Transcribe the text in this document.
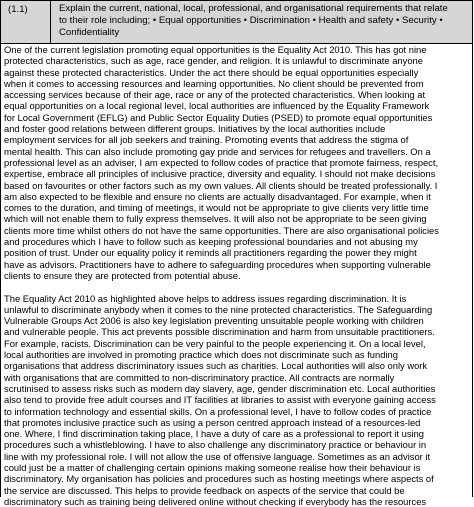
(1.1)	Explain the current, national, local, professional, and organisational requirements that relate
to their role including; • Equal opportunities • Discrimination • Health and safety • Security •
Confidentiality
One of the current legislation promoting equal opportunities is the Equality Act 2010. This has got nine
protected characteristics, such as age, race gender, and religion. It is unlawful to discriminate anyone
against these protected characteristics. Under the act there should be equal opportunities especially
when it comes to accessing resources and learning opportunities. No client should be prevented from
accessing services because of their age, race or any of the protected characteristics. When looking at
equal opportunities on a local regional level, local authorities are influenced by the Equality Framework
for Local Government (EFLG) and Public Sector Equality Duties (PSED) to promote equal opportunities
and foster good relations between different groups. Initiatives by the local authorities include
employment services for all job seekers and training. Promoting events that address the stigma of
mental health. This can also include promoting gay pride and services for refugees and travellers. On a
professional level as an adviser, I am expected to follow codes of practice that promote fairness, respect,
expertise, embrace all principles of inclusive practice, diversity and equality. I should not make decisions
based on favourites or other factors such as my own values. All clients should be treated professionally. I
am also expected to be flexible and ensure no clients are actually disadvantaged. For example, when it
comes to the duration, and timing of meetings, it would not be appropriate to give clients very little time
which will not enable them to fully express themselves. It will also not be appropriate to be seen giving
clients more time whilst others do not have the same opportunities. There are also organisational policies
and procedures which I have to follow such as keeping professional boundaries and not abusing my
position of trust. Under our equality policy it reminds all practitioners regarding the power they might
have as advisors. Practitioners have to adhere to safeguarding procedures when supporting vulnerable
clients to ensure they are protected from potential abuse.
The Equality Act 2010 as highlighted above helps to address issues regarding discrimination. It is
unlawful to discriminate anybody when it comes to the nine protected characteristics. The Safeguarding
Vulnerable Groups Act 2006 is also key legislation preventing unsuitable people working with children
and vulnerable people. This act prevents possible discrimination and harm from unsuitable practitioners.
For example, racists. Discrimination can be very painful to the people experiencing it. On a local level,
local authorities are involved in promoting practice which does not discriminate such as funding
organisations that address discriminatory issues such as charities. Local authorities will also only work
with organisations that are committed to non-discriminatory practice. All contracts are normally
scrutinised to assess risks such as modern day slavery, age, gender discrimination etc. Local authorities
also tend to provide free adult courses and IT facilities at libraries to assist with everyone gaining access
to information technology and essential skills. On a professional level, I have to follow codes of practice
that promotes inclusive practice such as using a person centred approach instead of a resources-led
one. Where, I find discrimination taking place, I have a duty of care as a professional to report it using
procedures such a whistleblowing. I have to also challenge any discriminatory practice or behaviour in
line with my professional role. I will not allow the use of offensive language. Sometimes as an advisor it
could just be a matter of challenging certain opinions making someone realise how their behaviour is
discriminatory. My organisation has policies and procedures such as hosting meetings where aspects of
the service are discussed. This helps to provide feedback on aspects of the service that could be
discriminatory such as training being delivered online without checking if everybody has the resources
